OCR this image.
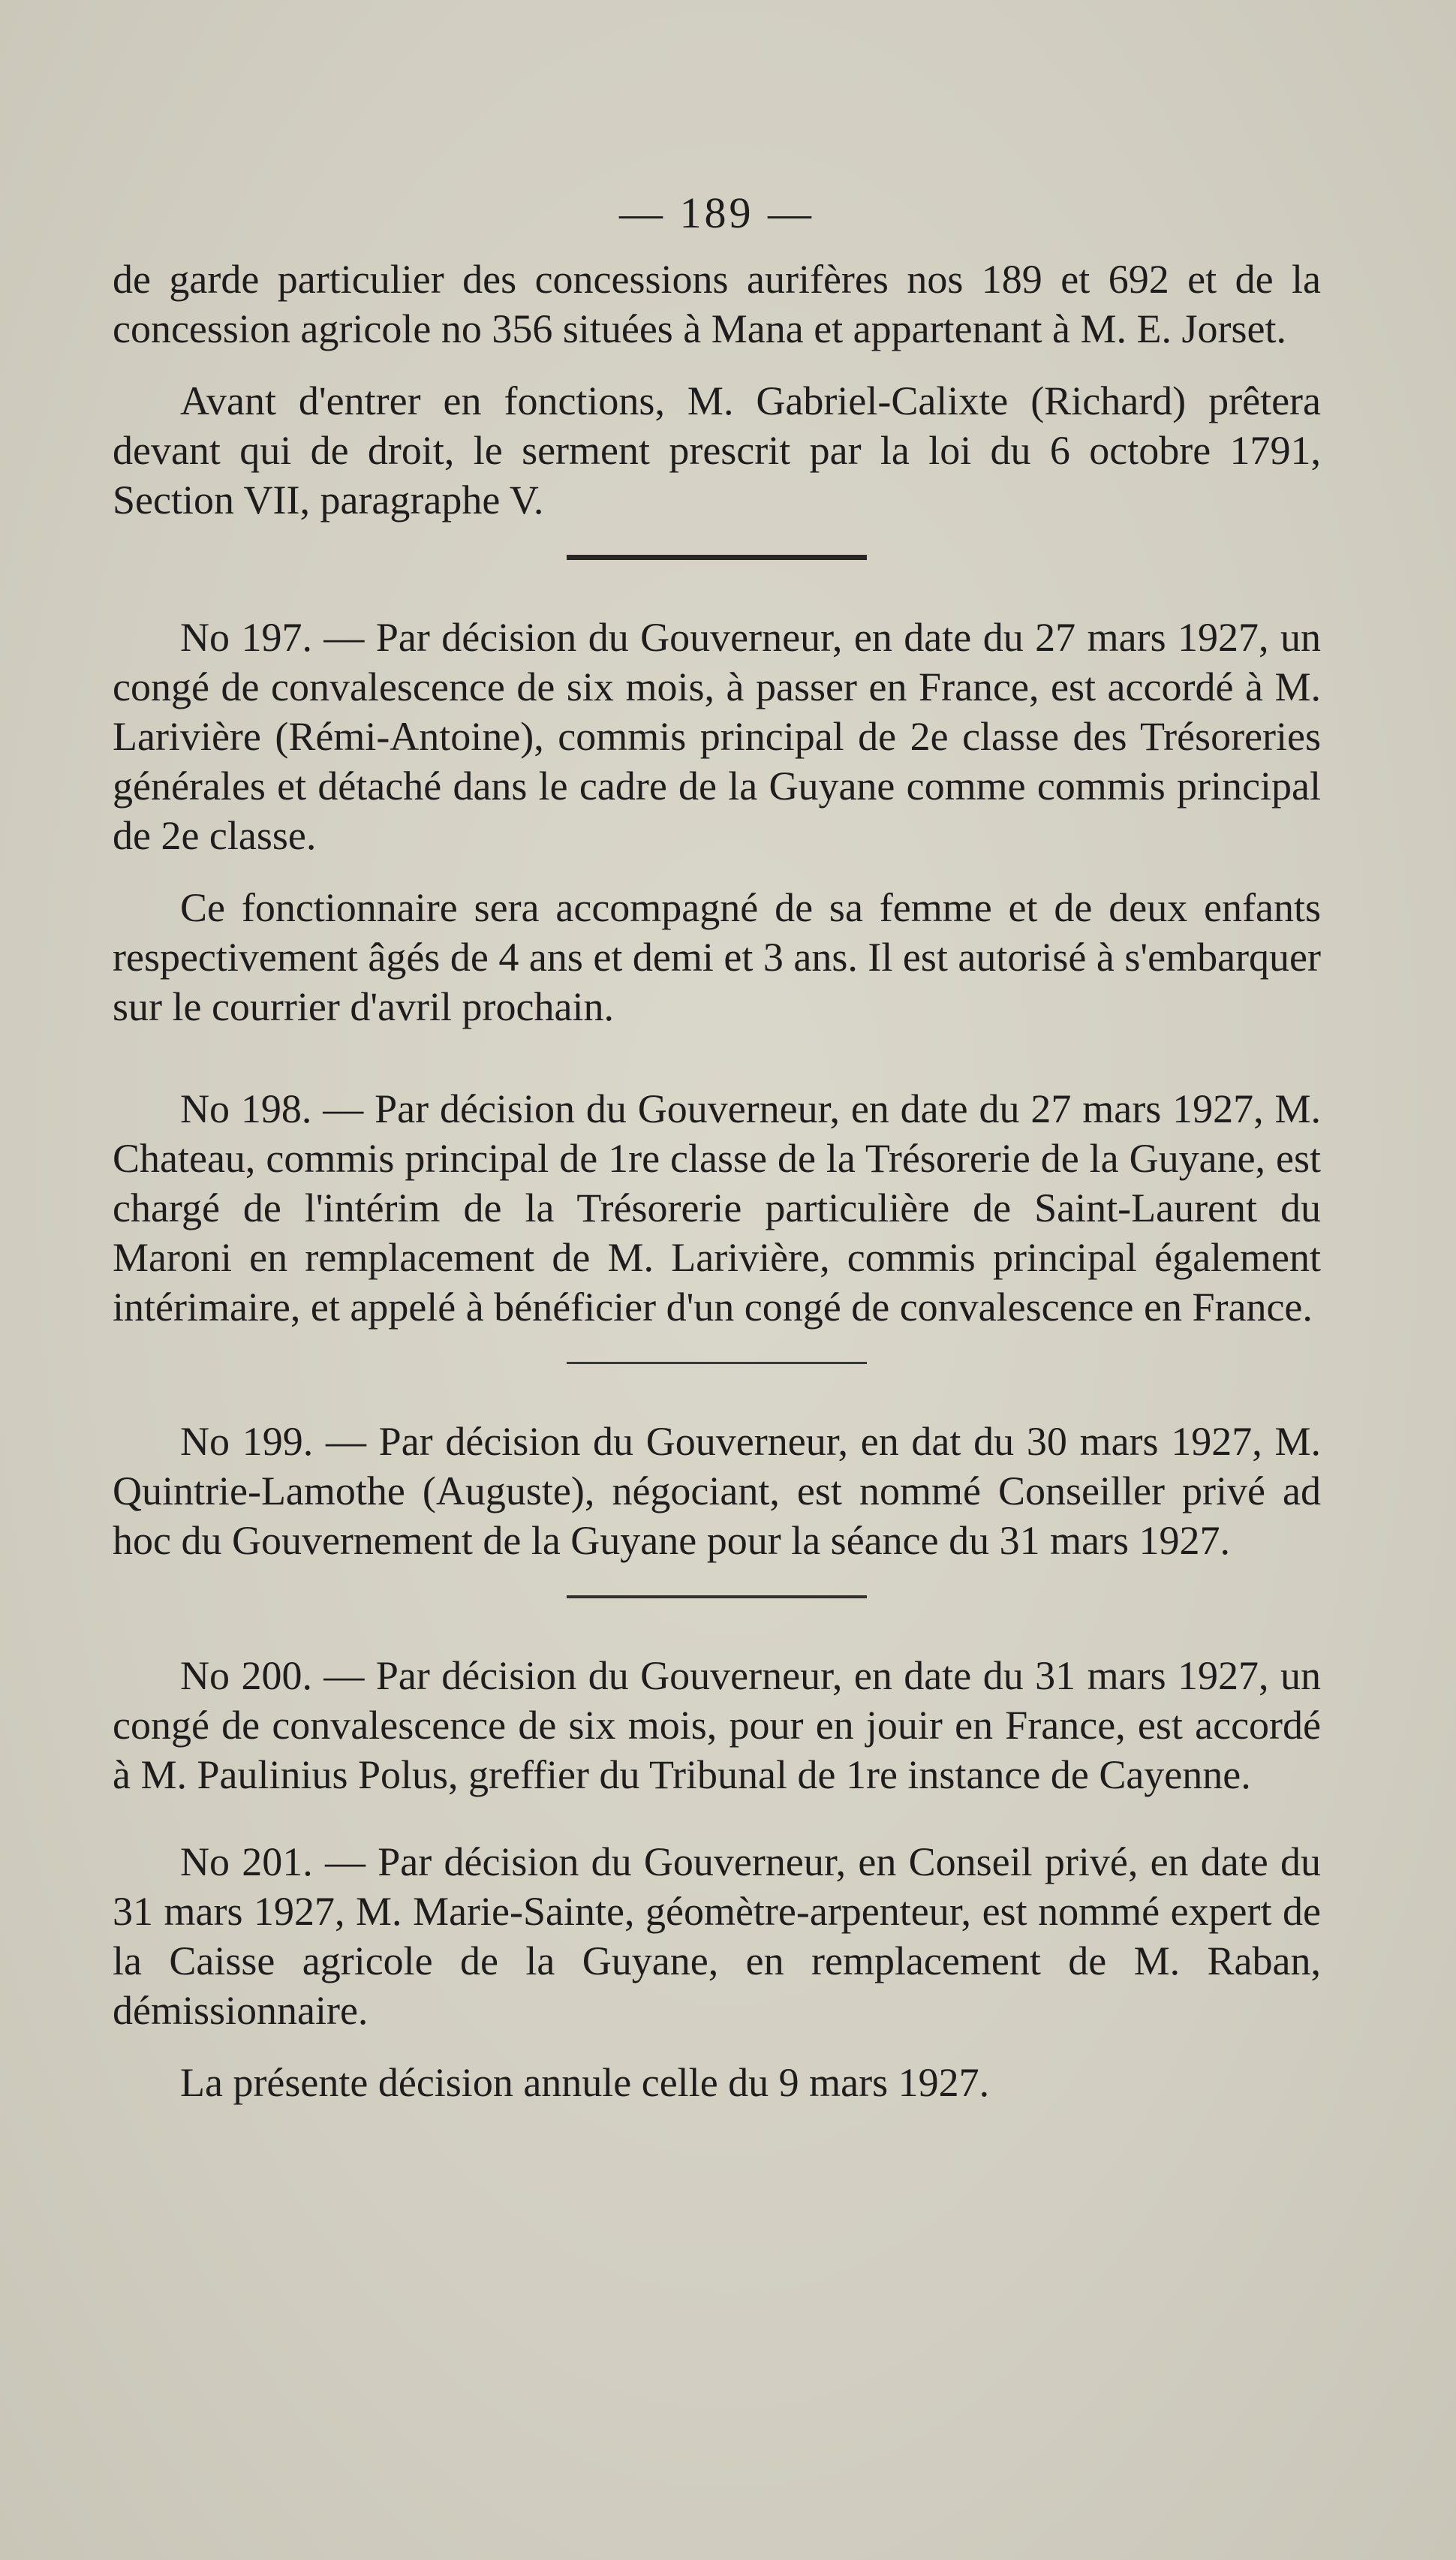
— 189 —

de garde particulier des concessions aurifères nos 189 et 692 et de la concession agricole no 356 situées à Mana et appartenant à M. E. Jorset.

Avant d'entrer en fonctions, M. Gabriel-Calixte (Richard) prêtera devant qui de droit, le serment prescrit par la loi du 6 octobre 1791, Section VII, paragraphe V.

No 197. — Par décision du Gouverneur, en date du 27 mars 1927, un congé de convalescence de six mois, à passer en France, est accordé à M. Larivière (Rémi-Antoine), commis principal de 2e classe des Trésoreries générales et détaché dans le cadre de la Guyane comme commis principal de 2e classe.

Ce fonctionnaire sera accompagné de sa femme et de deux enfants respectivement âgés de 4 ans et demi et 3 ans. Il est autorisé à s'embarquer sur le courrier d'avril prochain.

No 198. — Par décision du Gouverneur, en date du 27 mars 1927, M. Chateau, commis principal de 1re classe de la Trésorerie de la Guyane, est chargé de l'intérim de la Trésorerie particulière de Saint-Laurent du Maroni en remplacement de M. Larivière, commis principal également intérimaire, et appelé à bénéficier d'un congé de convalescence en France.

No 199. — Par décision du Gouverneur, en dat du 30 mars 1927, M. Quintrie-Lamothe (Auguste), négociant, est nommé Conseiller privé ad hoc du Gouvernement de la Guyane pour la séance du 31 mars 1927.

No 200. — Par décision du Gouverneur, en date du 31 mars 1927, un congé de convalescence de six mois, pour en jouir en France, est accordé à M. Paulinius Polus, greffier du Tribunal de 1re instance de Cayenne.

No 201. — Par décision du Gouverneur, en Conseil privé, en date du 31 mars 1927, M. Marie-Sainte, géomètre-arpenteur, est nommé expert de la Caisse agricole de la Guyane, en remplacement de M. Raban, démissionnaire.

La présente décision annule celle du 9 mars 1927.
